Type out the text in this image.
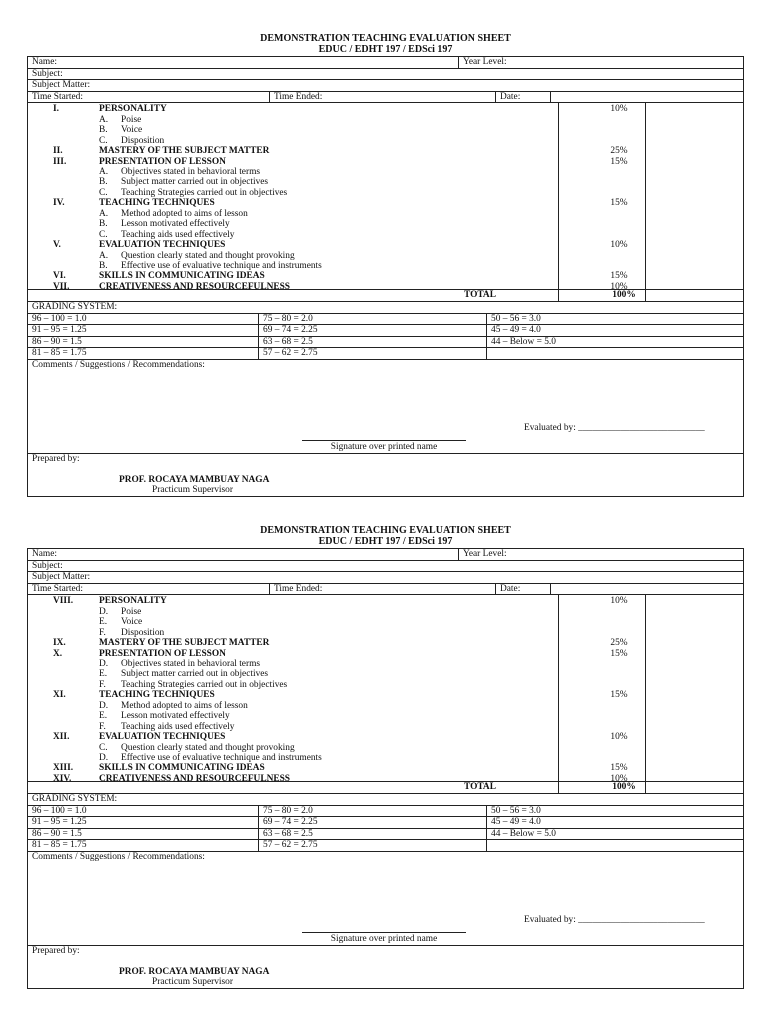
DEMONSTRATION TEACHING EVALUATION SHEET
EDUC / EDHT 197 / EDSci 197
Name:	Year Level:
Subject:
Subject Matter:
Time Started:	Time Ended:	Date:
I.	PERSONALITY	10%
A. Poise
B. Voice
C. Disposition
II.	MASTERY OF THE SUBJECT MATTER	25%
III.	PRESENTATION OF LESSON	15%
A. Objectives stated in behavioral terms
B. Subject matter carried out in objectives
C. Teaching Strategies carried out in objectives
IV.	TEACHING TECHNIQUES	15%
A. Method adopted to aims of lesson
B. Lesson motivated effectively
C. Teaching aids used effectively
V.	EVALUATION TECHNIQUES	10%
A. Question clearly stated and thought provoking
B. Effective use of evaluative technique and instruments
VI.	SKILLS IN COMMUNICATING IDEAS	15%
VII.	CREATIVENESS AND RESOURCEFULNESS	10%
TOTAL	100%
GRADING SYSTEM:
96 – 100 = 1.0	75 – 80 = 2.0	50 – 56 = 3.0
91 – 95 = 1.25	69 – 74 = 2.25	45 – 49 = 4.0
86 – 90 = 1.5	63 – 68 = 2.5	44 – Below = 5.0
81 – 85 = 1.75	57 – 62 = 2.75
Comments / Suggestions / Recommendations:
Evaluated by: ___________________________
Signature over printed name
Prepared by:
PROF. ROCAYA MAMBUAY NAGA
Practicum Supervisor
DEMONSTRATION TEACHING EVALUATION SHEET
EDUC / EDHT 197 / EDSci 197
Name:	Year Level:
Subject:
Subject Matter:
Time Started:	Time Ended:	Date:
VIII.	PERSONALITY	10%
D. Poise
E. Voice
F. Disposition
IX.	MASTERY OF THE SUBJECT MATTER	25%
X.	PRESENTATION OF LESSON	15%
D. Objectives stated in behavioral terms
E. Subject matter carried out in objectives
F. Teaching Strategies carried out in objectives
XI.	TEACHING TECHNIQUES	15%
D. Method adopted to aims of lesson
E. Lesson motivated effectively
F. Teaching aids used effectively
XII.	EVALUATION TECHNIQUES	10%
C. Question clearly stated and thought provoking
D. Effective use of evaluative technique and instruments
XIII.	SKILLS IN COMMUNICATING IDEAS	15%
XIV.	CREATIVENESS AND RESOURCEFULNESS	10%
TOTAL	100%
GRADING SYSTEM:
96 – 100 = 1.0	75 – 80 = 2.0	50 – 56 = 3.0
91 – 95 = 1.25	69 – 74 = 2.25	45 – 49 = 4.0
86 – 90 = 1.5	63 – 68 = 2.5	44 – Below = 5.0
81 – 85 = 1.75	57 – 62 = 2.75
Comments / Suggestions / Recommendations:
Evaluated by: ___________________________
Signature over printed name
Prepared by:
PROF. ROCAYA MAMBUAY NAGA
Practicum Supervisor
